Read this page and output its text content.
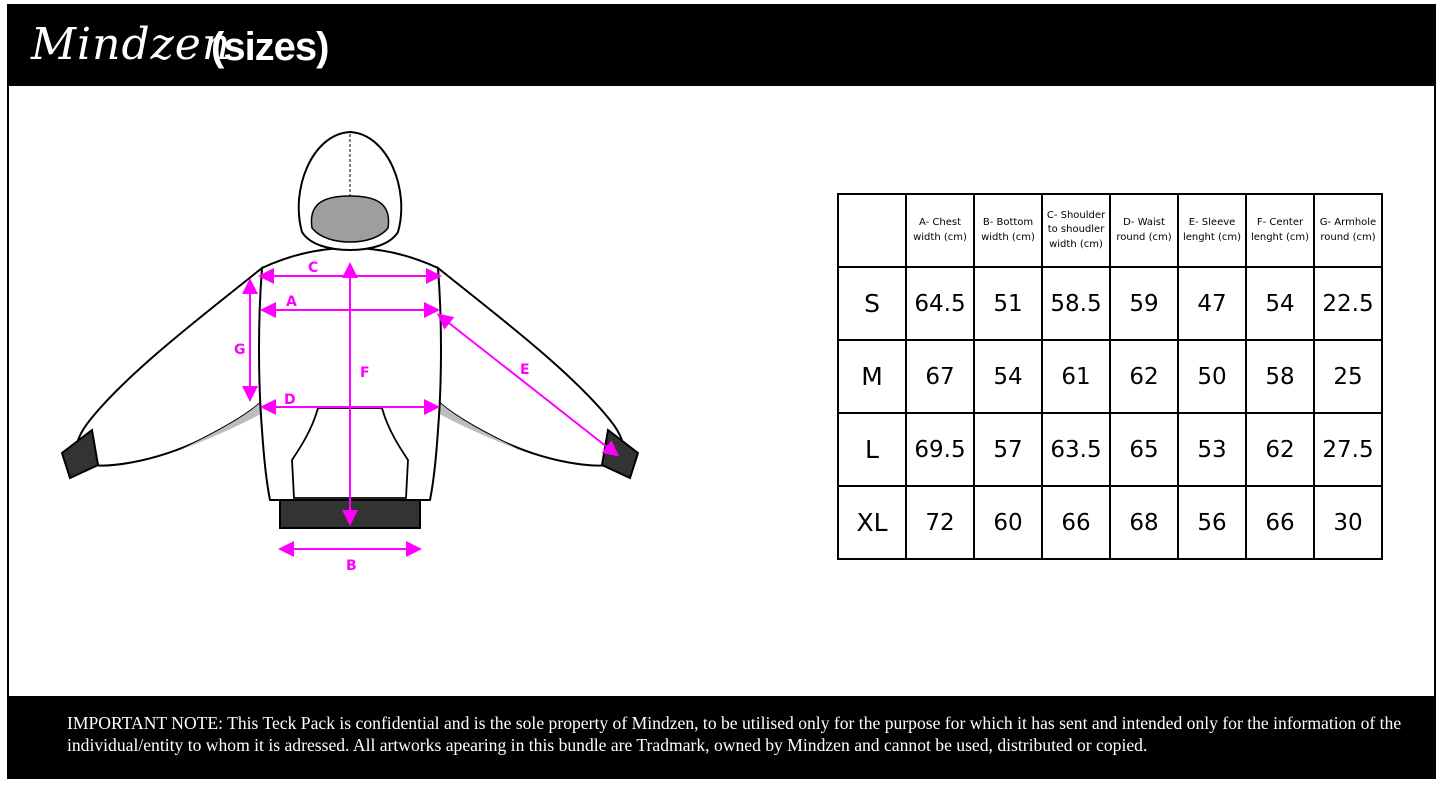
Mindzen
(sizes)
C
A
D
F
G
E
B
	A- Chest width (cm)	B- Bottom width (cm)	C- Shoulder to shoudler width (cm)	D- Waist round (cm)	E- Sleeve lenght (cm)	F- Center lenght (cm)	G- Armhole round (cm)
S	64.5	51	58.5	59	47	54	22.5
M	67	54	61	62	50	58	25
L	69.5	57	63.5	65	53	62	27.5
XL	72	60	66	68	56	66	30
IMPORTANT NOTE: This Teck Pack is confidential and is the sole property of Mindzen, to be utilised only for the purpose for which it has sent and intended only for the information of the individual/entity to whom it is adressed. All artworks apearing in this bundle are Tradmark, owned by Mindzen and cannot be used, distributed or copied.
